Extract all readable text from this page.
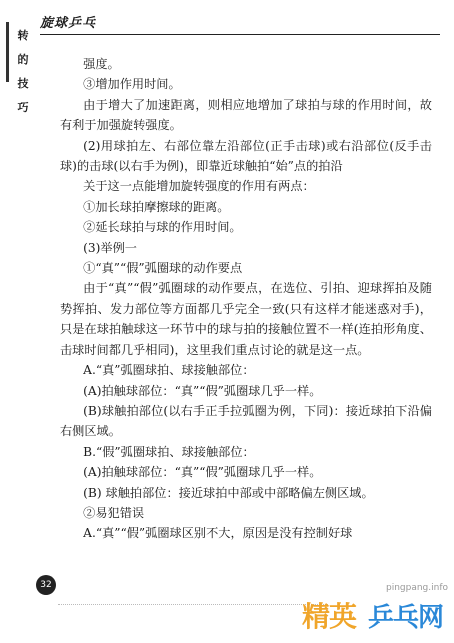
旋球乒乓
转
的
技
巧

强度。

③增加作用时间。

由于增大了加速距离，则相应地增加了球拍与球的作用时间，故有利于加强旋转强度。

(2)用球拍左、右部位靠左沿部位(正手击球)或右沿部位(反手击球)的击球(以右手为例)，即靠近球触拍“始”点的拍沿

关于这一点能增加旋转强度的作用有两点：

①加长球拍摩擦球的距离。

②延长球拍与球的作用时间。

(3)举例一

①“真”“假”弧圈球的动作要点

由于“真”“假”弧圈球的动作要点，在选位、引拍、迎球挥拍及随势挥拍、发力部位等方面都几乎完全一致(只有这样才能迷惑对手)，只是在球拍触球这一环节中的球与拍的接触位置不一样(连拍形角度、击球时间都几乎相同)，这里我们重点讨论的就是这一点。

A.“真”弧圈球拍、球接触部位：

(A)拍触球部位：“真”“假”弧圈球几乎一样。

(B)球触拍部位(以右手正手拉弧圈为例，下同)：接近球拍下沿偏右侧区域。

B.“假”弧圈球拍、球接触部位：

(A)拍触球部位：“真”“假”弧圈球几乎一样。

(B) 球触拍部位：接近球拍中部或中部略偏左侧区域。

②易犯错误

A.“真”“假”弧圈球区别不大，原因是没有控制好球

32	pingpang.info
精英 乒乓网
